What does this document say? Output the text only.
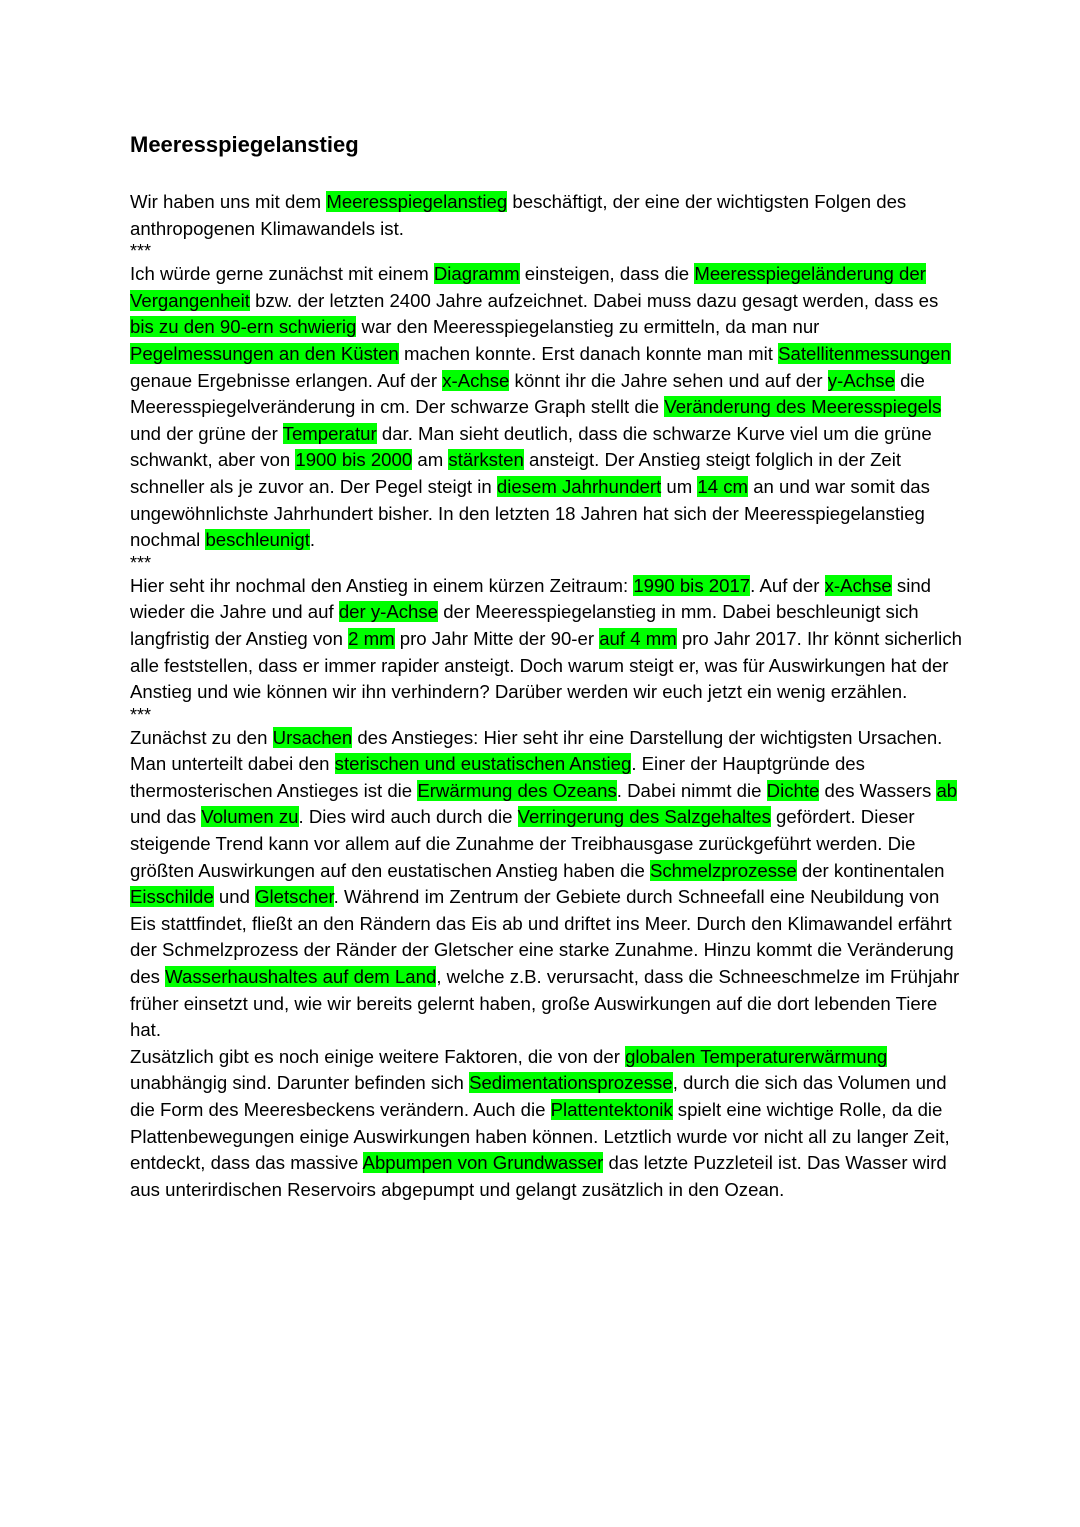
Meeresspiegelanstieg

Wir haben uns mit dem Meeresspiegelanstieg beschäftigt, der eine der wichtigsten Folgen des anthropogenen Klimawandels ist.

***

Ich würde gerne zunächst mit einem Diagramm einsteigen, dass die Meeresspiegeländerung der Vergangenheit bzw. der letzten 2400 Jahre aufzeichnet. Dabei muss dazu gesagt werden, dass es bis zu den 90-ern schwierig war den Meeresspiegelanstieg zu ermitteln, da man nur Pegelmessungen an den Küsten machen konnte. Erst danach konnte man mit Satellitenmessungen genaue Ergebnisse erlangen. Auf der x-Achse könnt ihr die Jahre sehen und auf der y-Achse die Meeresspiegelveränderung in cm. Der schwarze Graph stellt die Veränderung des Meeresspiegels und der grüne der Temperatur dar. Man sieht deutlich, dass die schwarze Kurve viel um die grüne schwankt, aber von 1900 bis 2000 am stärksten ansteigt. Der Anstieg steigt folglich in der Zeit schneller als je zuvor an. Der Pegel steigt in diesem Jahrhundert um 14 cm an und war somit das ungewöhnlichste Jahrhundert bisher. In den letzten 18 Jahren hat sich der Meeresspiegelanstieg nochmal beschleunigt.

***

Hier seht ihr nochmal den Anstieg in einem kürzen Zeitraum: 1990 bis 2017. Auf der x-Achse sind wieder die Jahre und auf der y-Achse der Meeresspiegelanstieg in mm. Dabei beschleunigt sich langfristig der Anstieg von 2 mm pro Jahr Mitte der 90-er auf 4 mm pro Jahr 2017. Ihr könnt sicherlich alle feststellen, dass er immer rapider ansteigt. Doch warum steigt er, was für Auswirkungen hat der Anstieg und wie können wir ihn verhindern? Darüber werden wir euch jetzt ein wenig erzählen.

***

Zunächst zu den Ursachen des Anstieges: Hier seht ihr eine Darstellung der wichtigsten Ursachen. Man unterteilt dabei den sterischen und eustatischen Anstieg. Einer der Hauptgründe des thermosterischen Anstieges ist die Erwärmung des Ozeans. Dabei nimmt die Dichte des Wassers ab und das Volumen zu. Dies wird auch durch die Verringerung des Salzgehaltes gefördert. Dieser steigende Trend kann vor allem auf die Zunahme der Treibhausgase zurückgeführt werden. Die größten Auswirkungen auf den eustatischen Anstieg haben die Schmelzprozesse der kontinentalen Eisschilde und Gletscher. Während im Zentrum der Gebiete durch Schneefall eine Neubildung von Eis stattfindet, fließt an den Rändern das Eis ab und driftet ins Meer. Durch den Klimawandel erfährt der Schmelzprozess der Ränder der Gletscher eine starke Zunahme. Hinzu kommt die Veränderung des Wasserhaushaltes auf dem Land, welche z.B. verursacht, dass die Schneeschmelze im Frühjahr früher einsetzt und, wie wir bereits gelernt haben, große Auswirkungen auf die dort lebenden Tiere hat.

Zusätzlich gibt es noch einige weitere Faktoren, die von der globalen Temperaturerwärmung unabhängig sind. Darunter befinden sich Sedimentationsprozesse, durch die sich das Volumen und die Form des Meeresbeckens verändern. Auch die Plattentektonik spielt eine wichtige Rolle, da die Plattenbewegungen einige Auswirkungen haben können. Letztlich wurde vor nicht all zu langer Zeit, entdeckt, dass das massive Abpumpen von Grundwasser das letzte Puzzleteil ist. Das Wasser wird aus unterirdischen Reservoirs abgepumpt und gelangt zusätzlich in den Ozean.
